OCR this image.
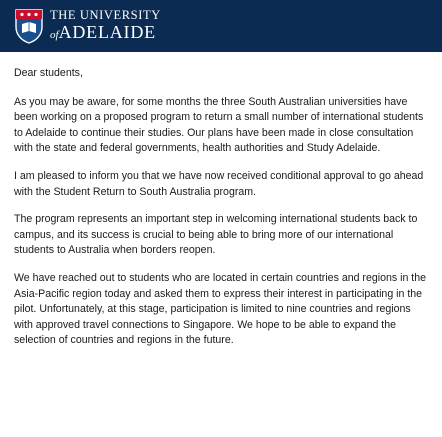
THE UNIVERSITY
ofADELAIDE

Dear students,

As you may be aware, for some months the three South Australian universities have been working on a proposed program to return a small number of international students to Adelaide to continue their studies. Our plans have been made in close consultation with the state and federal governments, health authorities and Study Adelaide.

I am pleased to inform you that we have now received conditional approval to go ahead with the Student Return to South Australia program.

The program represents an important step in welcoming international students back to campus, and its success is crucial to being able to bring more of our international students to Australia when borders reopen.

We have reached out to students who are located in certain countries and regions in the Asia-Pacific region today and asked them to express their interest in participating in the pilot. Unfortunately, at this stage, participation is limited to nine countries and regions with approved travel connections to Singapore. We hope to be able to expand the selection of countries and regions in the future.
